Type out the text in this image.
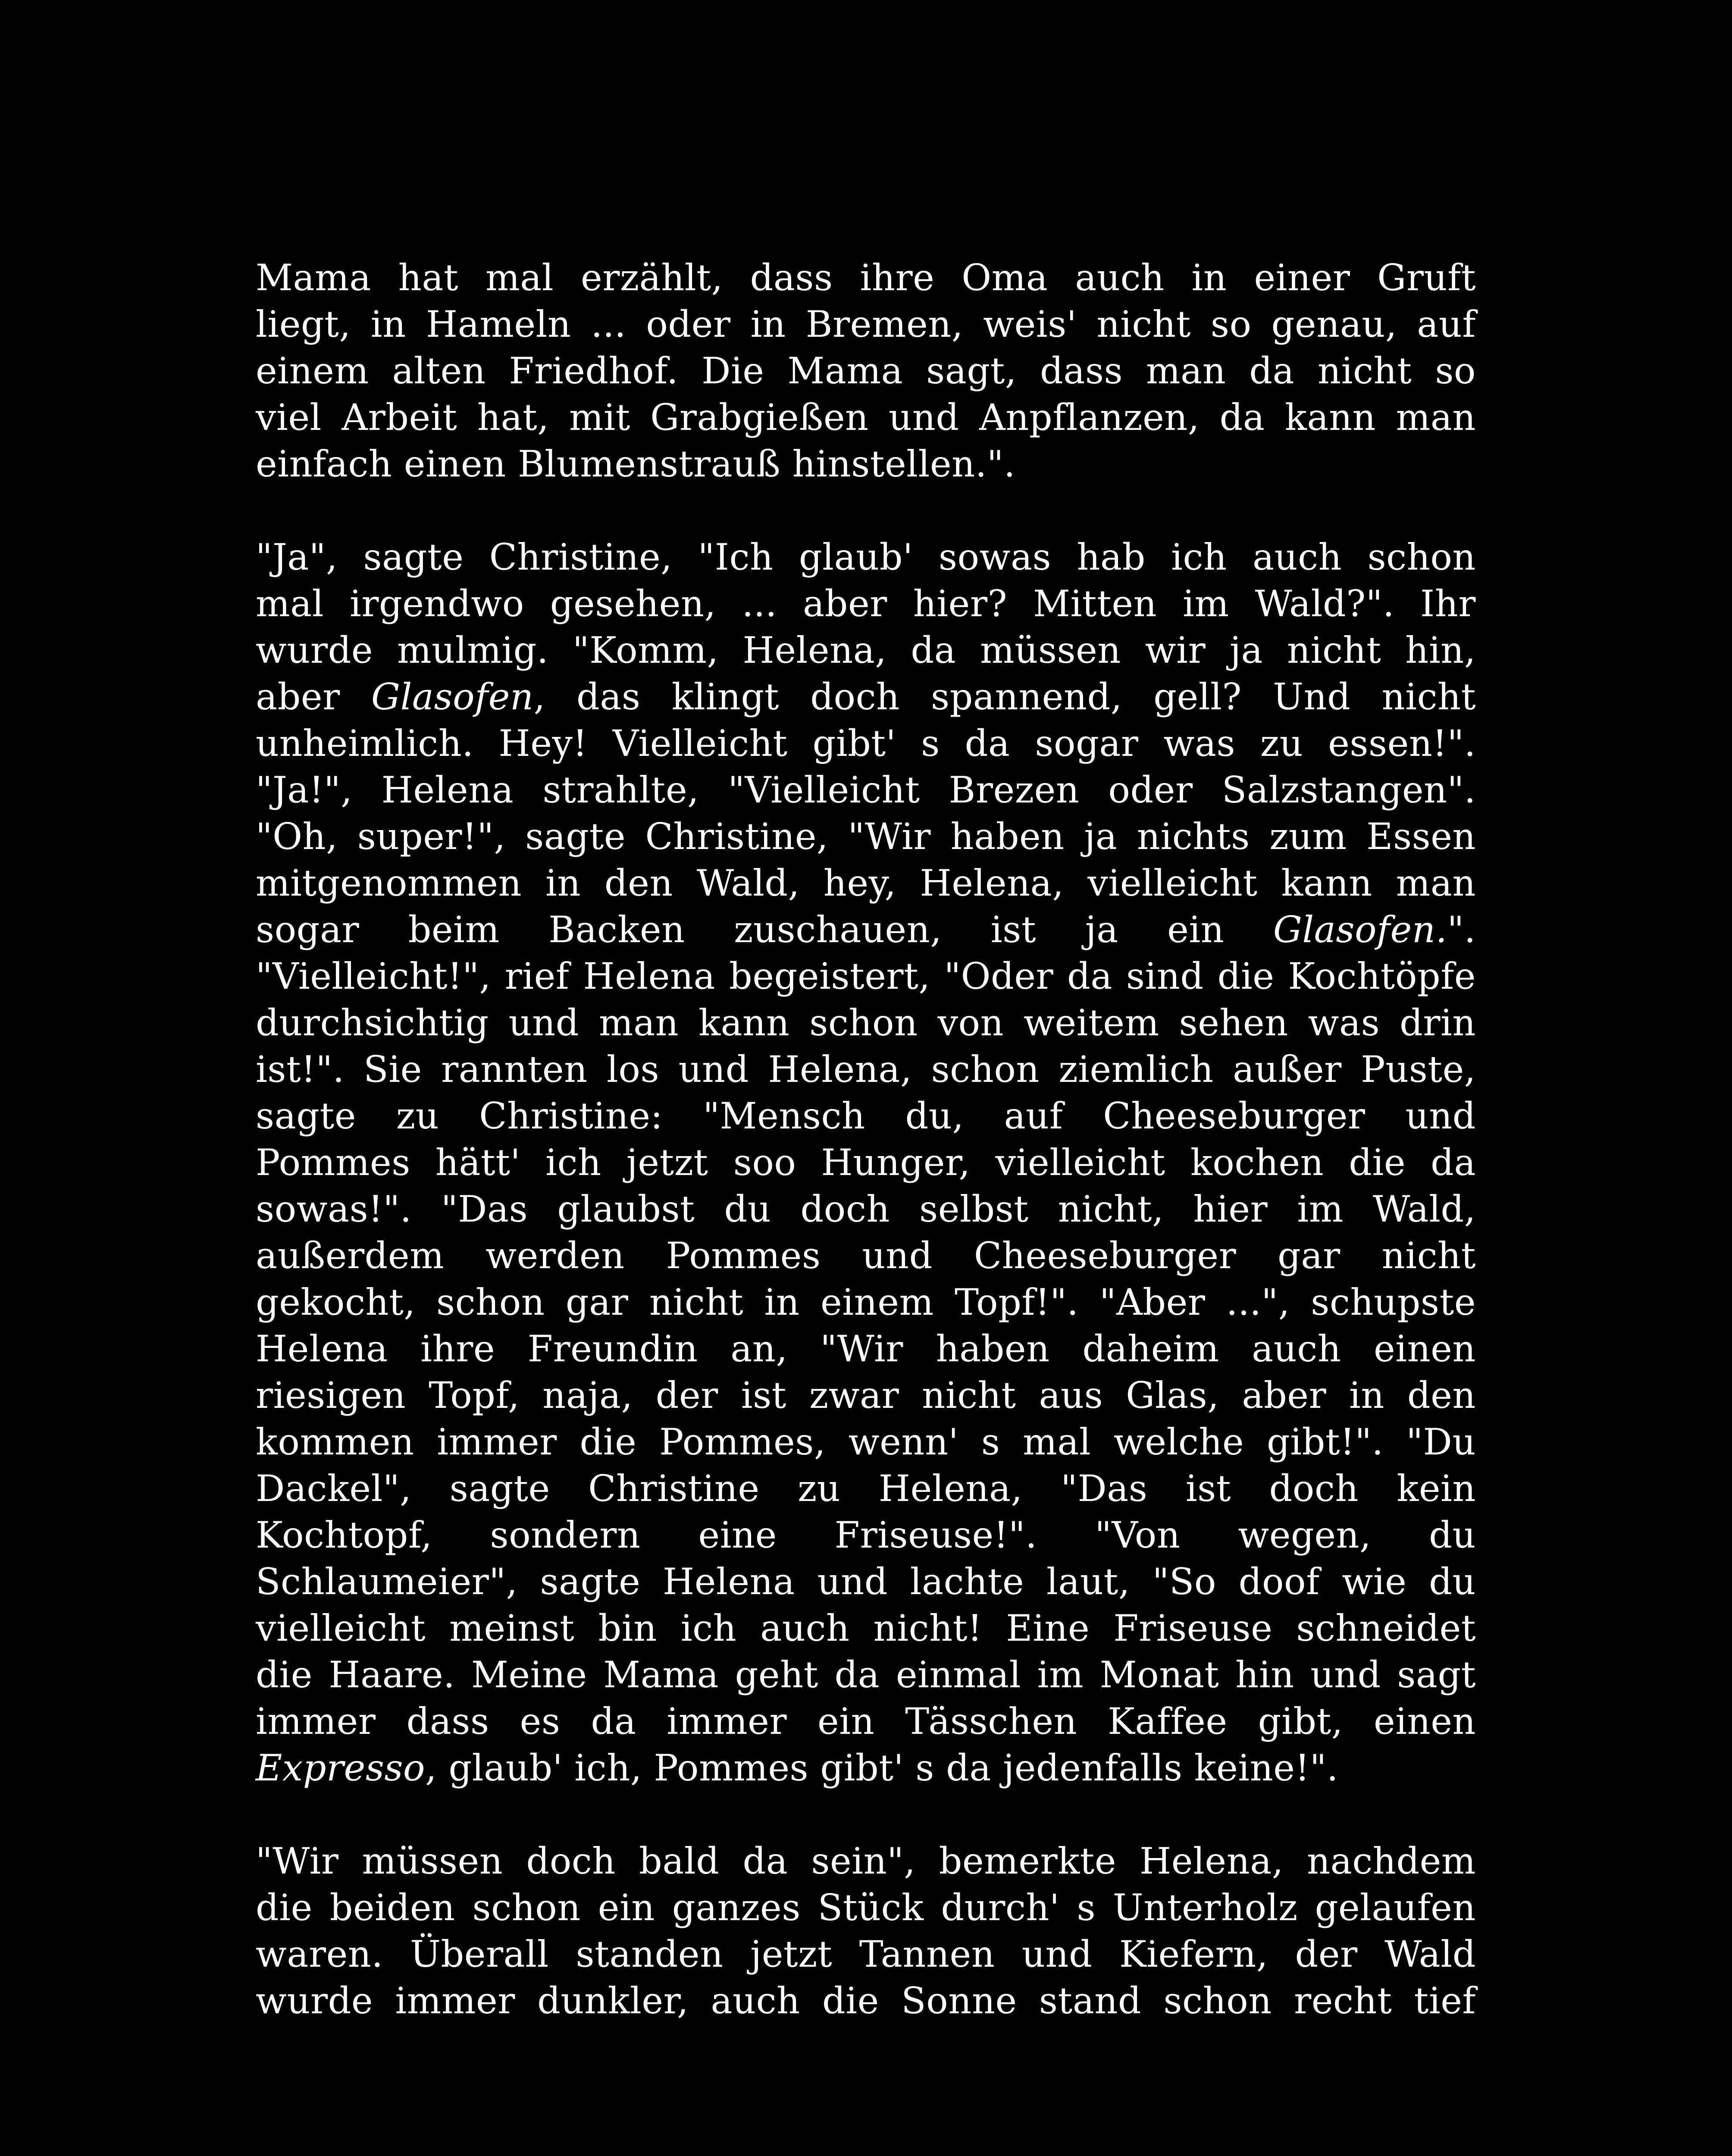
Mama hat mal erzählt, dass ihre Oma auch in einer Gruft
liegt, in Hameln ... oder in Bremen, weis' nicht so genau, auf
einem alten Friedhof. Die Mama sagt, dass man da nicht so
viel Arbeit hat, mit Grabgießen und Anpflanzen, da kann man
einfach einen Blumenstrauß hinstellen.".
"Ja", sagte Christine, "Ich glaub' sowas hab ich auch schon
mal irgendwo gesehen, ... aber hier? Mitten im Wald?". Ihr
wurde mulmig. "Komm, Helena, da müssen wir ja nicht hin,
aber Glasofen, das klingt doch spannend, gell? Und nicht
unheimlich. Hey! Vielleicht gibt' s da sogar was zu essen!".
"Ja!", Helena strahlte, "Vielleicht Brezen oder Salzstangen".
"Oh, super!", sagte Christine, "Wir haben ja nichts zum Essen
mitgenommen in den Wald, hey, Helena, vielleicht kann man
sogar beim Backen zuschauen, ist ja ein Glasofen.".
"Vielleicht!", rief Helena begeistert, "Oder da sind die Kochtöpfe
durchsichtig und man kann schon von weitem sehen was drin
ist!". Sie rannten los und Helena, schon ziemlich außer Puste,
sagte zu Christine: "Mensch du, auf Cheeseburger und
Pommes hätt' ich jetzt soo Hunger, vielleicht kochen die da
sowas!". "Das glaubst du doch selbst nicht, hier im Wald,
außerdem werden Pommes und Cheeseburger gar nicht
gekocht, schon gar nicht in einem Topf!". "Aber ...", schupste
Helena ihre Freundin an, "Wir haben daheim auch einen
riesigen Topf, naja, der ist zwar nicht aus Glas, aber in den
kommen immer die Pommes, wenn' s mal welche gibt!". "Du
Dackel", sagte Christine zu Helena, "Das ist doch kein
Kochtopf, sondern eine Friseuse!". "Von wegen, du
Schlaumeier", sagte Helena und lachte laut, "So doof wie du
vielleicht meinst bin ich auch nicht! Eine Friseuse schneidet
die Haare. Meine Mama geht da einmal im Monat hin und sagt
immer dass es da immer ein Tässchen Kaffee gibt, einen
Expresso, glaub' ich, Pommes gibt' s da jedenfalls keine!".
"Wir müssen doch bald da sein", bemerkte Helena, nachdem
die beiden schon ein ganzes Stück durch' s Unterholz gelaufen
waren. Überall standen jetzt Tannen und Kiefern, der Wald
wurde immer dunkler, auch die Sonne stand schon recht tief
